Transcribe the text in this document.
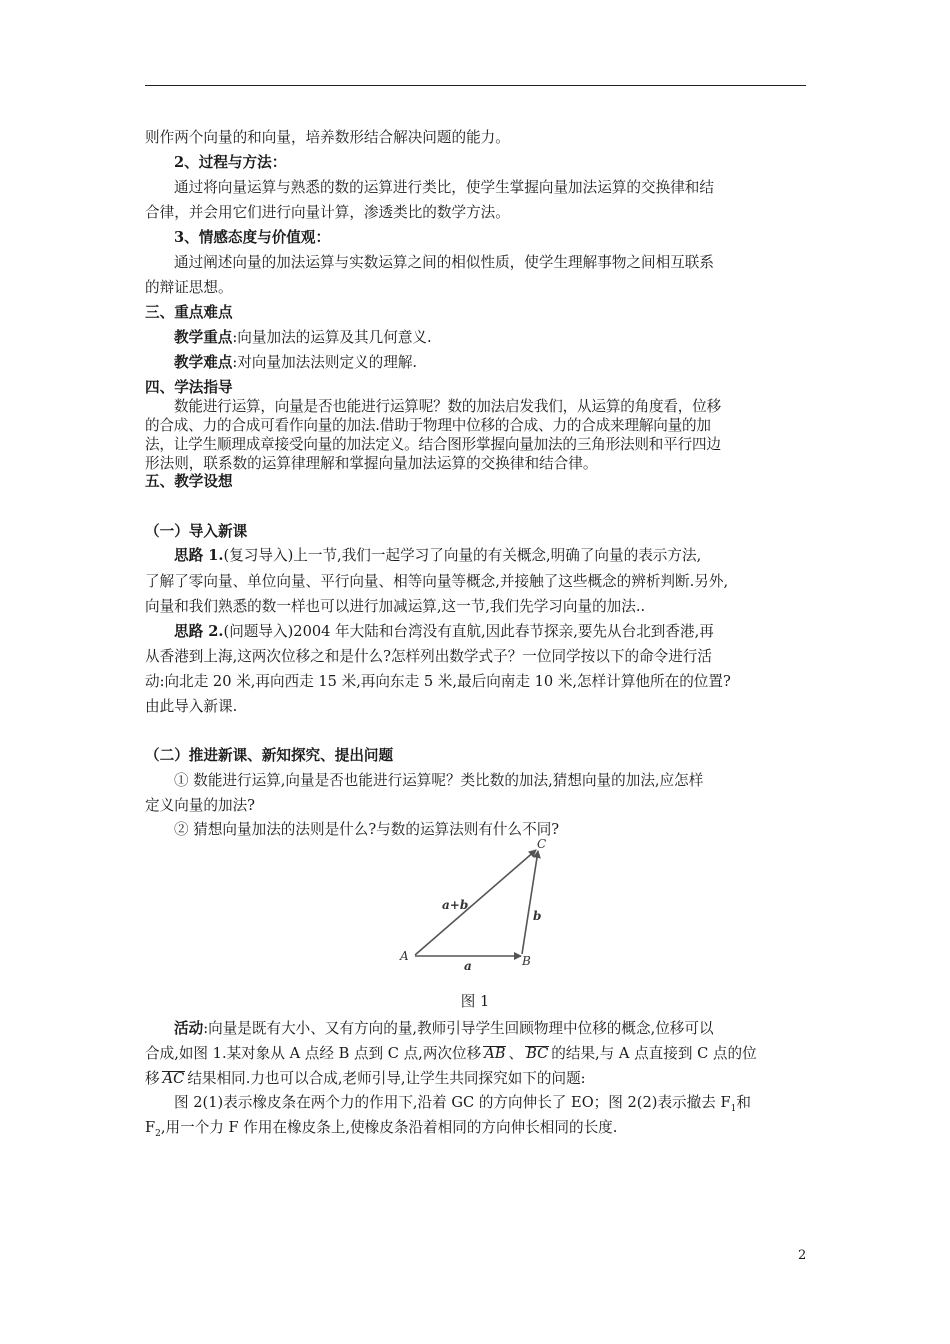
则作两个向量的和向量，培养数形结合解决问题的能力。
2、过程与方法：
通过将向量运算与熟悉的数的运算进行类比，使学生掌握向量加法运算的交换律和结
合律，并会用它们进行向量计算，渗透类比的数学方法。
3、情感态度与价值观：
通过阐述向量的加法运算与实数运算之间的相似性质，使学生理解事物之间相互联系
的辩证思想。
三、重点难点
教学重点:向量加法的运算及其几何意义.
教学难点:对向量加法法则定义的理解.
四、学法指导
数能进行运算，向量是否也能进行运算呢？数的加法启发我们，从运算的角度看，位移
的合成、力的合成可看作向量的加法.借助于物理中位移的合成、力的合成来理解向量的加
法，让学生顺理成章接受向量的加法定义。结合图形掌握向量加法的三角形法则和平行四边
形法则，联系数的运算律理解和掌握向量加法运算的交换律和结合律。
五、教学设想
（一）导入新课
思路 1.(复习导入)上一节,我们一起学习了向量的有关概念,明确了向量的表示方法,
了解了零向量、单位向量、平行向量、相等向量等概念,并接触了这些概念的辨析判断.另外,
向量和我们熟悉的数一样也可以进行加减运算,这一节,我们先学习向量的加法..
思路 2.(问题导入)2004 年大陆和台湾没有直航,因此春节探亲,要先从台北到香港,再
从香港到上海,这两次位移之和是什么?怎样列出数学式子？一位同学按以下的命令进行活
动:向北走 20 米,再向西走 15 米,再向东走 5 米,最后向南走 10 米,怎样计算他所在的位置?
由此导入新课.
（二）推进新课、新知探究、提出问题
① 数能进行运算,向量是否也能进行运算呢？类比数的加法,猜想向量的加法,应怎样
定义向量的加法?
② 猜想向量加法的法则是什么?与数的运算法则有什么不同?
A	B
C
a
b
a+b
图 1
活动:向量是既有大小、又有方向的量,教师引导学生回顾物理中位移的概念,位移可以
合成,如图 1.某对象从 A 点经 B 点到 C 点,两次位移 AB 、 BC 的结果,与 A 点直接到 C 点的位
移 AC 结果相同.力也可以合成,老师引导,让学生共同探究如下的问题:
图 2(1)表示橡皮条在两个力的作用下,沿着 GC 的方向伸长了 EO；图 2(2)表示撤去 $F_1$和
$F_2$,用一个力 F 作用在橡皮条上,使橡皮条沿着相同的方向伸长相同的长度.
2
